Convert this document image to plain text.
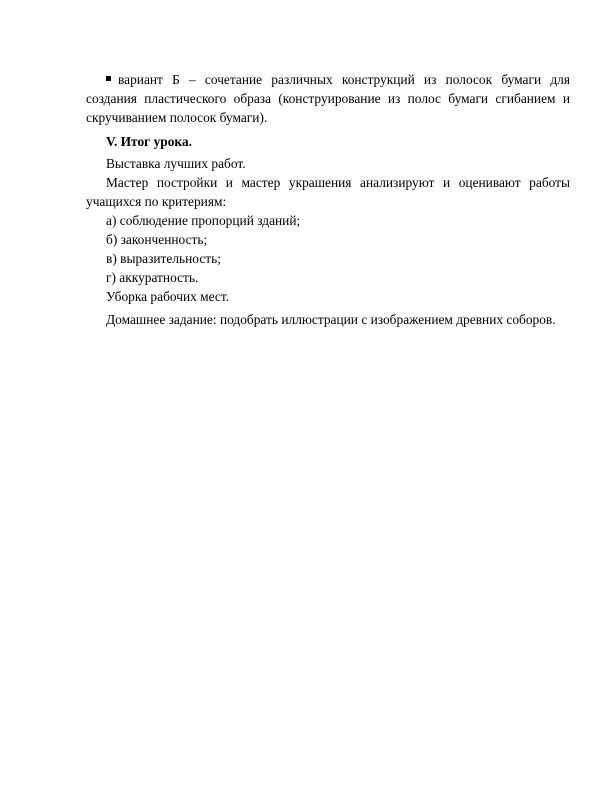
вариант Б – сочетание различных конструкций из полосок бумаги для создания пластического образа (конструирование из полос бумаги сгибанием и скручиванием полосок бумаги).

V. Итог урока.

Выставка лучших работ.

Мастер постройки и мастер украшения анализируют и оценивают работы учащихся по критериям:

а) соблюдение пропорций зданий;

б) законченность;

в) выразительность;

г) аккуратность.

Уборка рабочих мест.

Домашнее задание: подобрать иллюстрации с изображением древних соборов.
